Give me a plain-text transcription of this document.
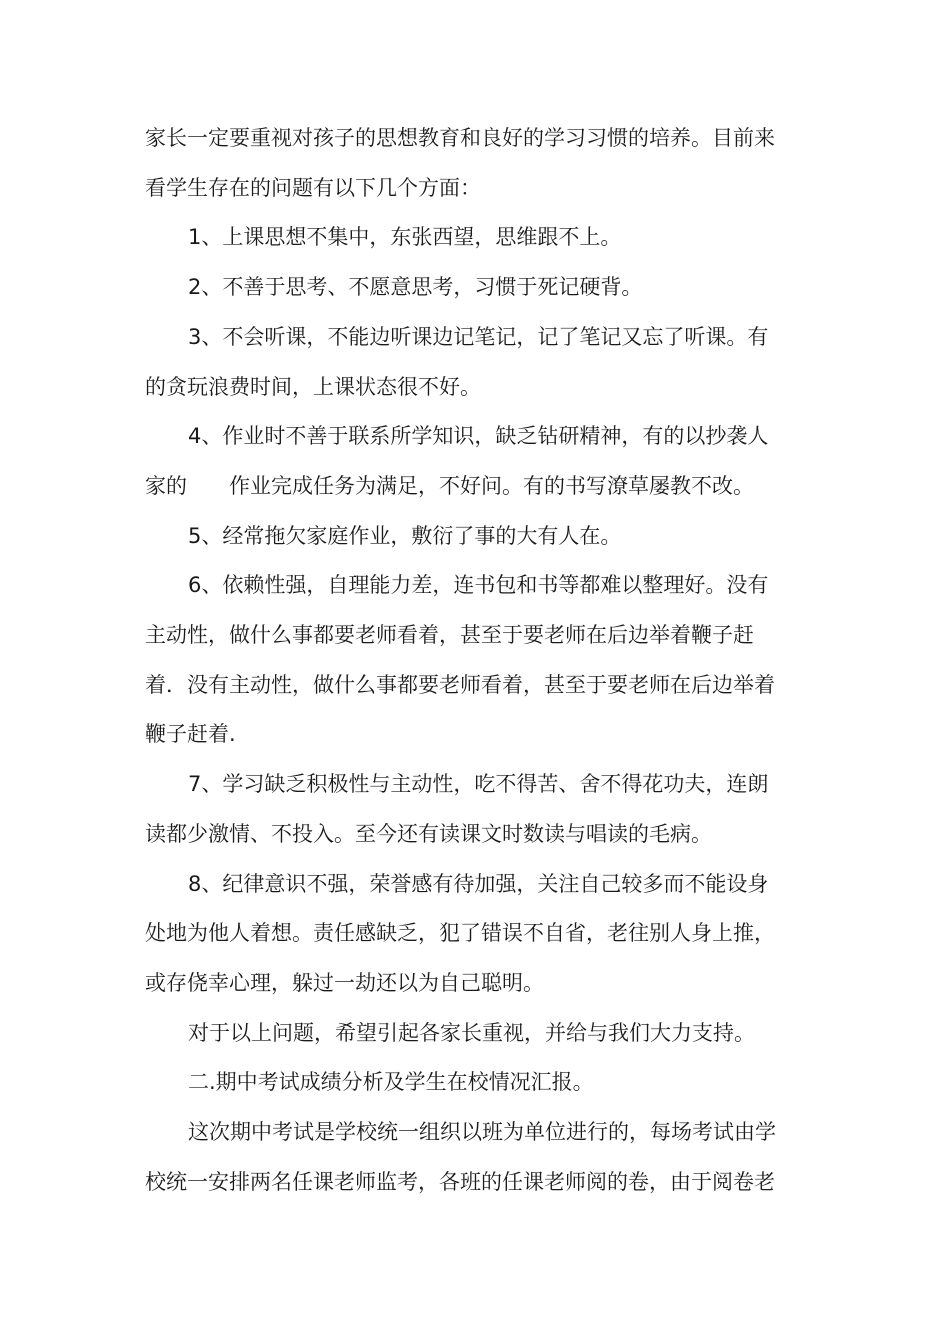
家长一定要重视对孩子的思想教育和良好的学习习惯的培养。目前来

看学生存在的问题有以下几个方面：

1、上课思想不集中，东张西望，思维跟不上。

2、不善于思考、不愿意思考，习惯于死记硬背。

3、不会听课，不能边听课边记笔记，记了笔记又忘了听课。有

的贪玩浪费时间，上课状态很不好。

4、作业时不善于联系所学知识，缺乏钻研精神，有的以抄袭人

家的　　作业完成任务为满足，不好问。有的书写潦草屡教不改。

5、经常拖欠家庭作业，敷衍了事的大有人在。

6、依赖性强，自理能力差，连书包和书等都难以整理好。没有

主动性，做什么事都要老师看着，甚至于要老师在后边举着鞭子赶

着．没有主动性，做什么事都要老师看着，甚至于要老师在后边举着

鞭子赶着.

7、学习缺乏积极性与主动性，吃不得苦、舍不得花功夫，连朗

读都少激情、不投入。至今还有读课文时数读与唱读的毛病。

8、纪律意识不强，荣誉感有待加强，关注自己较多而不能设身

处地为他人着想。责任感缺乏，犯了错误不自省，老往别人身上推，

或存侥幸心理，躲过一劫还以为自己聪明。

对于以上问题，希望引起各家长重视，并给与我们大力支持。

二.期中考试成绩分析及学生在校情况汇报。

这次期中考试是学校统一组织以班为单位进行的，每场考试由学

校统一安排两名任课老师监考，各班的任课老师阅的卷，由于阅卷老
